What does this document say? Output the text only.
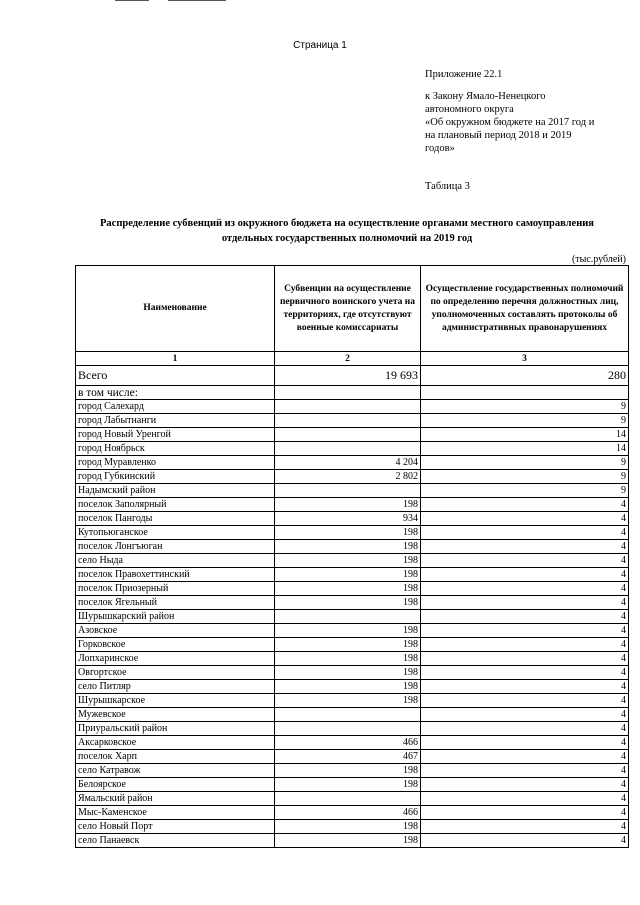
Страница 1
Приложение 22.1
к Закону Ямало-Ненецкого
автономного округа
«Об окружном бюджете на 2017 год и
на плановый период 2018 и 2019
годов»
Таблица 3
Распределение субвенций из окружного бюджета на осуществление органами местного самоуправления
отдельных государственных полномочий на 2019 год
(тыс.рублей)
Наименование	Субвенции на осуществление первичного воинского учета на территориях, где отсутствуют военные комиссариаты	Осуществление государственных полномочий по определению перечня должностных лиц, уполномоченных составлять протоколы об административных правонарушениях
1	2	3
Всего	19 693	280
в том числе:		
город Салехард		9
город Лабытнанги		9
город Новый Уренгой		14
город Ноябрьск		14
город Муравленко	4 204	9
город Губкинский	2 802	9
Надымский район		9
поселок Заполярный	198	4
поселок Пангоды	934	4
Кутопьюганское	198	4
поселок Лонгъюган	198	4
село Ныда	198	4
поселок Правохеттинский	198	4
поселок Приозерный	198	4
поселок Ягельный	198	4
Шурышкарский район		4
Азовское	198	4
Горковское	198	4
Лопхаринское	198	4
Овгортское	198	4
село Питляр	198	4
Шурышкарское	198	4
Мужевское		4
Приуральский район		4
Аксарковское	466	4
поселок Харп	467	4
село Катравож	198	4
Белоярское	198	4
Ямальский район		4
Мыс-Каменское	466	4
село Новый Порт	198	4
село Панаевск	198	4
